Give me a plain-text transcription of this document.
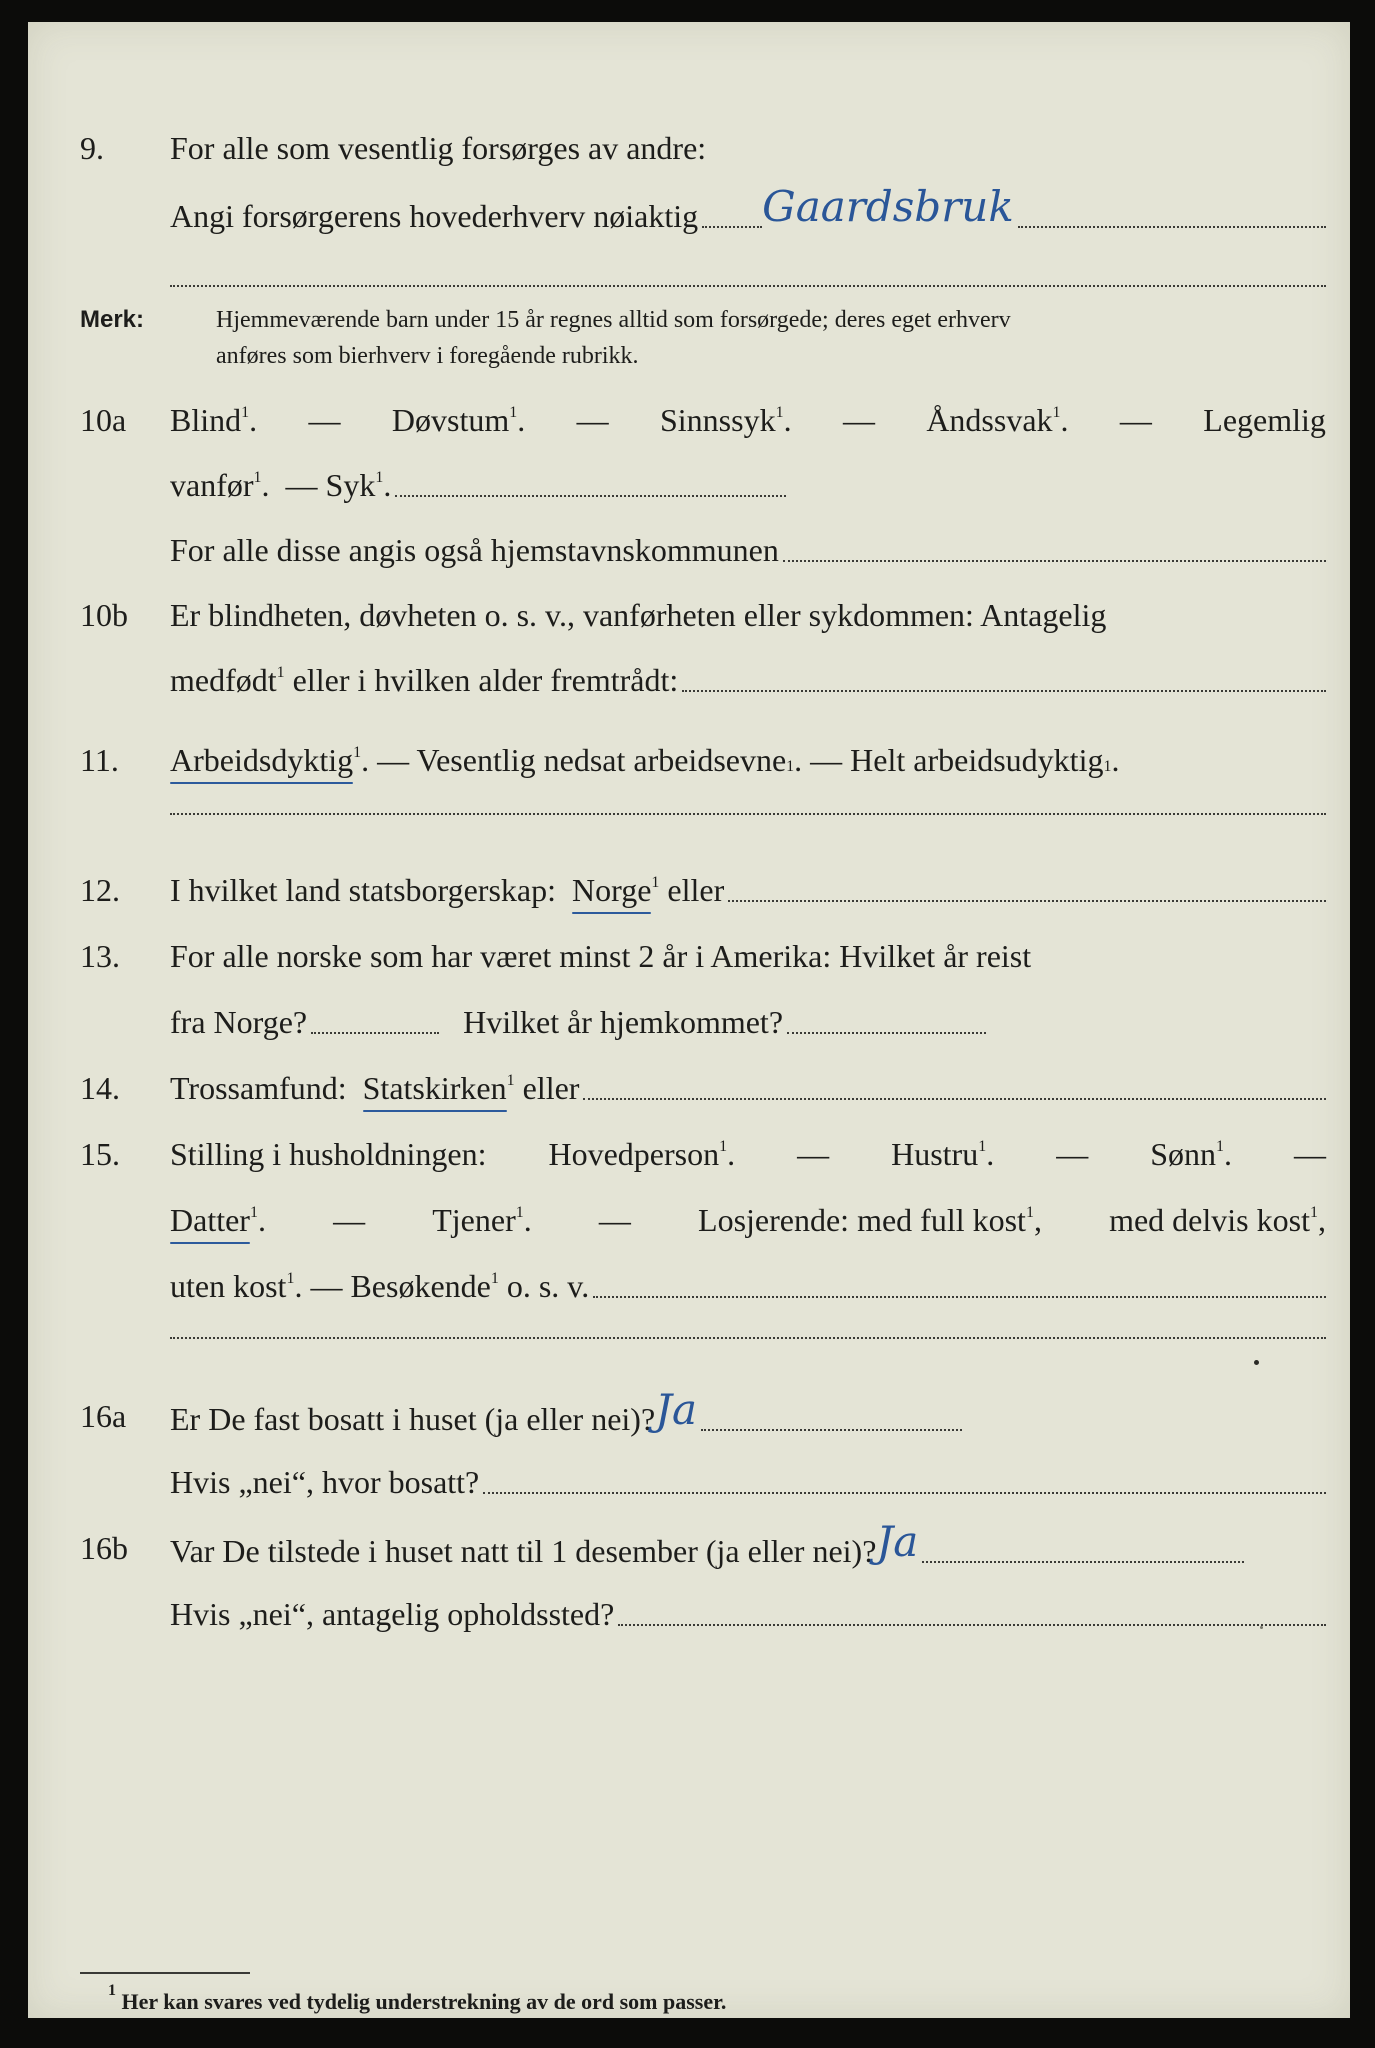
9. For alle som vesentlig forsørges av andre:
Angi forsørgerens hovederhverv nøiaktig Gaardsbruk
Merk:	Hjemmeværende barn under 15 år regnes alltid som forsørgede; deres eget erhverv
anføres som bierhverv i foregående rubrikk.
10a Blind$^1$. — Døvstum$^1$. — Sinnssyk$^1$. — Åndssvak$^1$. — Legemlig
vanfør$^1$.
—
Syk$^1$.
For alle disse angis også hjemstavnskommunen
10b Er blindheten, døvheten o. s. v., vanførheten eller sykdommen: Antagelig
medfødt$^1$ eller i hvilken alder fremtrådt:
11. Arbeidsdyktig$^1$ . — Vesentlig nedsat arbeidsevne 1 . — Helt arbeidsudyktig 1 .
12. I hvilket land statsborgerskap:
Norge$^1$ eller
13. For alle norske som har været minst 2 år i Amerika: Hvilket år reist
fra Norge?
	Hvilket år hjemkommet?
14. Trossamfund:
Statskirken$^1$ eller
15. Stilling i husholdningen: Hovedperson$^1$. — Hustru$^1$. — Sønn$^1$. —
Datter$^1$. — Tjener$^1$. — Losjerende: med full kost$^1$, med delvis kost$^1$,
uten kost$^1$.
—
Besøkende$^1$ o. s. v.
16a Er De fast bosatt i huset (ja eller nei)? Ja
Hvis „nei“, hvor bosatt?
16b Var De tilstede i huset natt til 1 desember (ja eller nei)? Ja
Hvis „nei“, antagelig opholdssted?
$^1$ Her kan svares ved tydelig understrekning av de ord som passer.
